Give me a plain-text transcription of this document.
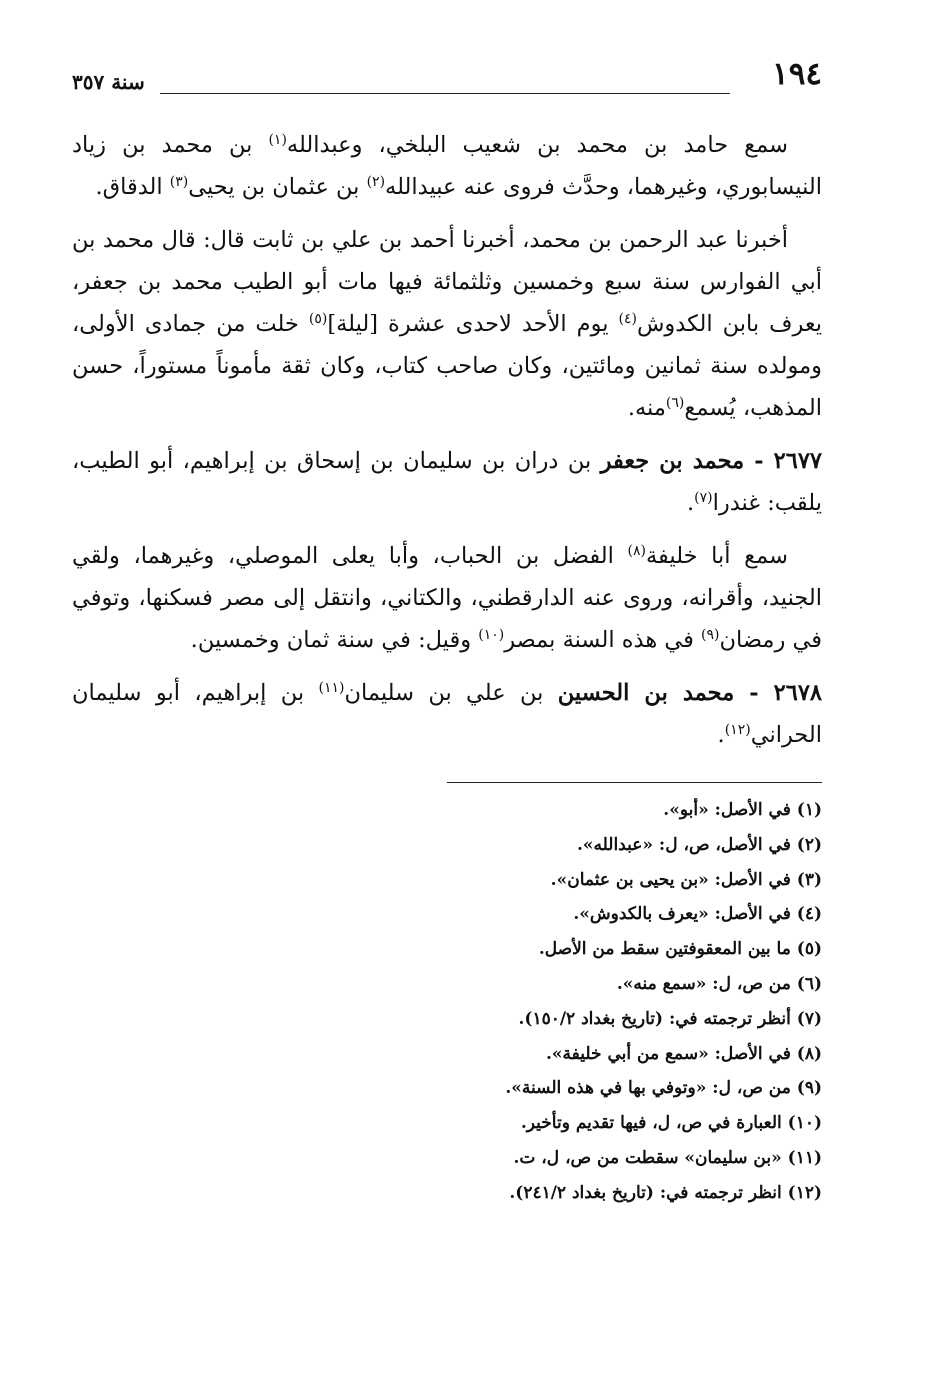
١٩٤
سنة ٣٥٧

سمع حامد بن محمد بن شعيب البلخي، وعبدالله$^{(١)}$ بن محمد بن زياد النيسابوري، وغيرهما، وحدَّث فروى عنه عبيدالله$^{(٢)}$ بن عثمان بن يحيى$^{(٣)}$ الدقاق.

أخبرنا عبد الرحمن بن محمد، أخبرنا أحمد بن علي بن ثابت قال: قال محمد بن أبي الفوارس سنة سبع وخمسين وثلثمائة فيها مات أبو الطيب محمد بن جعفر، يعرف بابن الكدوش$^{(٤)}$ يوم الأحد لاحدى عشرة [ليلة]$^{(٥)}$ خلت من جمادى الأولى، ومولده سنة ثمانين ومائتين، وكان صاحب كتاب، وكان ثقة مأموناً مستوراً، حسن المذهب، يُسمع$^{(٦)}$منه.

٢٦٧٧ - محمد بن جعفر بن دران بن سليمان بن إسحاق بن إبراهيم، أبو الطيب، يلقب: غندرا$^{(٧)}$.

سمع أبا خليفة$^{(٨)}$ الفضل بن الحباب، وأبا يعلى الموصلي، وغيرهما، ولقي الجنيد، وأقرانه، وروى عنه الدارقطني، والكتاني، وانتقل إلى مصر فسكنها، وتوفي في رمضان$^{(٩)}$ في هذه السنة بمصر$^{(١٠)}$ وقيل: في سنة ثمان وخمسين.

٢٦٧٨ - محمد بن الحسين بن علي بن سليمان$^{(١١)}$ بن إبراهيم، أبو سليمان الحراني$^{(١٢)}$.

(١) في الأصل: «أبو».
(٢) في الأصل، ص، ل: «عبدالله».
(٣) في الأصل: «بن يحيى بن عثمان».
(٤) في الأصل: «يعرف بالكدوش».
(٥) ما بين المعقوفتين سقط من الأصل.
(٦) من ص، ل: «سمع منه».
(٧) أنظر ترجمته في: (تاريخ بغداد ١٥٠/٢).
(٨) في الأصل: «سمع من أبي خليفة».
(٩) من ص، ل: «وتوفي بها في هذه السنة».
(١٠) العبارة في ص، ل، فيها تقديم وتأخير.
(١١) «بن سليمان» سقطت من ص، ل، ت.
(١٢) انظر ترجمته في: (تاريخ بغداد ٢٤١/٢).
